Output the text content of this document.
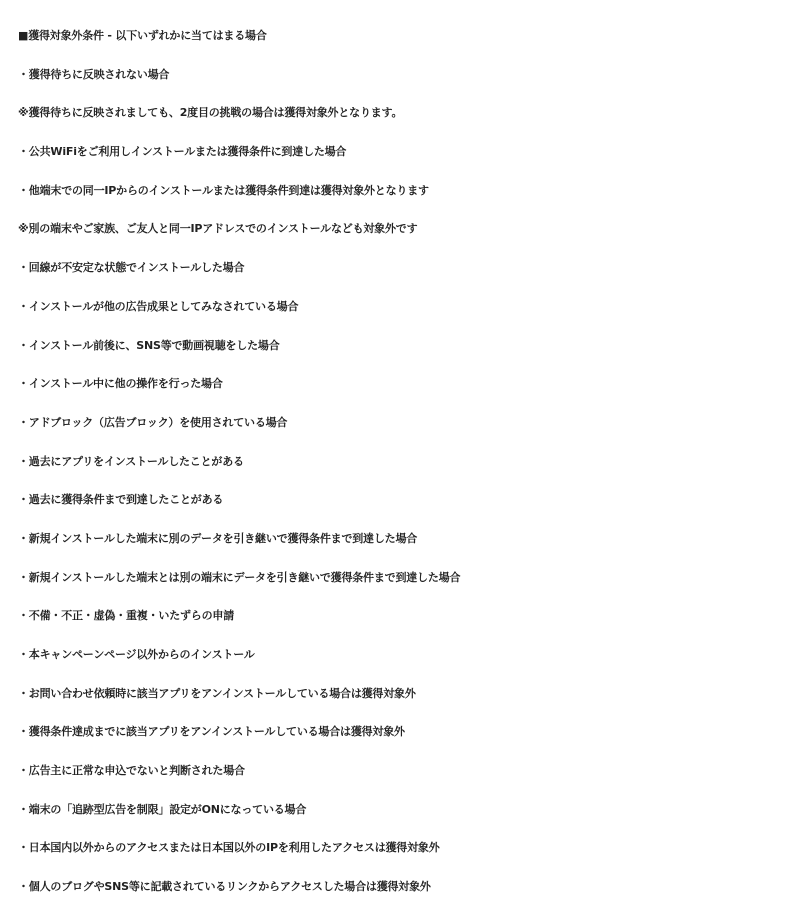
■獲得対象外条件 - 以下いずれかに当てはまる場合
・獲得待ちに反映されない場合
※獲得待ちに反映されましても、2度目の挑戦の場合は獲得対象外となります。
・公共WiFiをご利用しインストールまたは獲得条件に到達した場合
・他端末での同一IPからのインストールまたは獲得条件到達は獲得対象外となります
※別の端末やご家族、ご友人と同一IPアドレスでのインストールなども対象外です
・回線が不安定な状態でインストールした場合
・インストールが他の広告成果としてみなされている場合
・インストール前後に、SNS等で動画視聴をした場合
・インストール中に他の操作を行った場合
・アドブロック（広告ブロック）を使用されている場合
・過去にアプリをインストールしたことがある
・過去に獲得条件まで到達したことがある
・新規インストールした端末に別のデータを引き継いで獲得条件まで到達した場合
・新規インストールした端末とは別の端末にデータを引き継いで獲得条件まで到達した場合
・不備・不正・虚偽・重複・いたずらの申請
・本キャンペーンページ以外からのインストール
・お問い合わせ依頼時に該当アプリをアンインストールしている場合は獲得対象外
・獲得条件達成までに該当アプリをアンインストールしている場合は獲得対象外
・広告主に正常な申込でないと判断された場合
・端末の「追跡型広告を制限」設定がONになっている場合
・日本国内以外からのアクセスまたは日本国以外のIPを利用したアクセスは獲得対象外
・個人のブログやSNS等に記載されているリンクからアクセスした場合は獲得対象外
